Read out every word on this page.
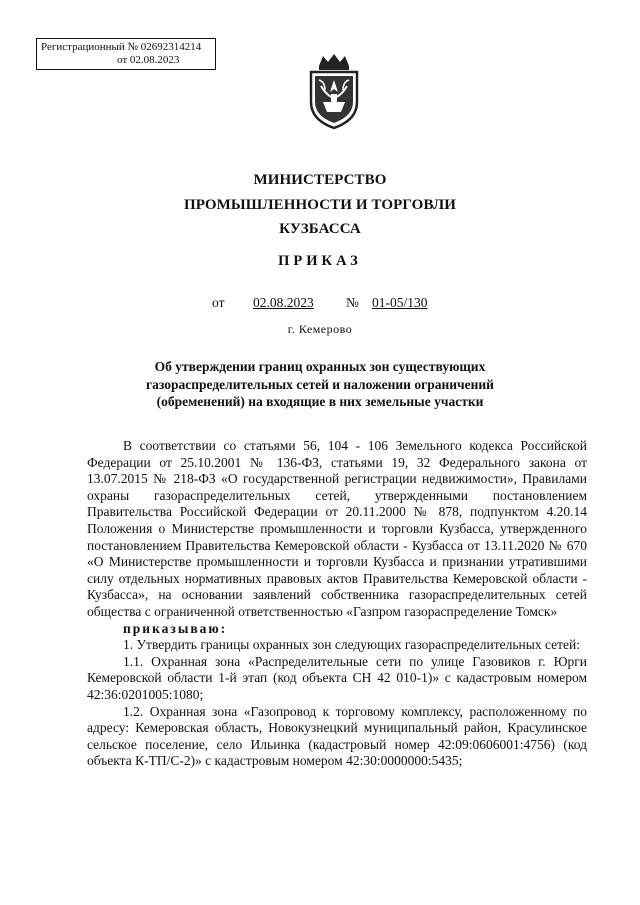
Регистрационный № 02692314214
от 02.08.2023
МИНИСТЕРСТВО
ПРОМЫШЛЕННОСТИ И ТОРГОВЛИ
КУЗБАССА
ПРИКАЗ
от 02.08.2023 № 01-05/130
г. Кемерово
Об утверждении границ охранных зон существующих
газораспределительных сетей и наложении ограничений
(обременений) на входящие в них земельные участки

В соответствии со статьями 56, 104 - 106 Земельного кодекса Российской Федерации от 25.10.2001 № 136-ФЗ, статьями 19, 32 Федерального закона от 13.07.2015 № 218-ФЗ «О государственной регистрации недвижимости», Правилами охраны газораспределительных сетей, утвержденными постановлением Правительства Российской Федерации от 20.11.2000 № 878, подпунктом 4.20.14 Положения о Министерстве промышленности и торговли Кузбасса, утвержденного постановлением Правительства Кемеровской области - Кузбасса от 13.11.2020 № 670 «О Министерстве промышленности и торговли Кузбасса и признании утратившими силу отдельных нормативных правовых актов Правительства Кемеровской области - Кузбасса», на основании заявлений собственника газораспределительных сетей общества с ограниченной ответственностью «Газпром газораспределение Томск»

приказываю:

1. Утвердить границы охранных зон следующих газораспределительных сетей:

1.1. Охранная зона «Распределительные сети по улице Газовиков г. Юрги Кемеровской области 1-й этап (код объекта СН 42 010-1)» с кадастровым номером 42:36:0201005:1080;

1.2. Охранная зона «Газопровод к торговому комплексу, расположенному по адресу: Кемеровская область, Новокузнецкий муниципальный район, Красулинское сельское поселение, село Ильинка (кадастровый номер 42:09:0606001:4756) (код объекта К-ТП/С-2)» с кадастровым номером 42:30:0000000:5435;
